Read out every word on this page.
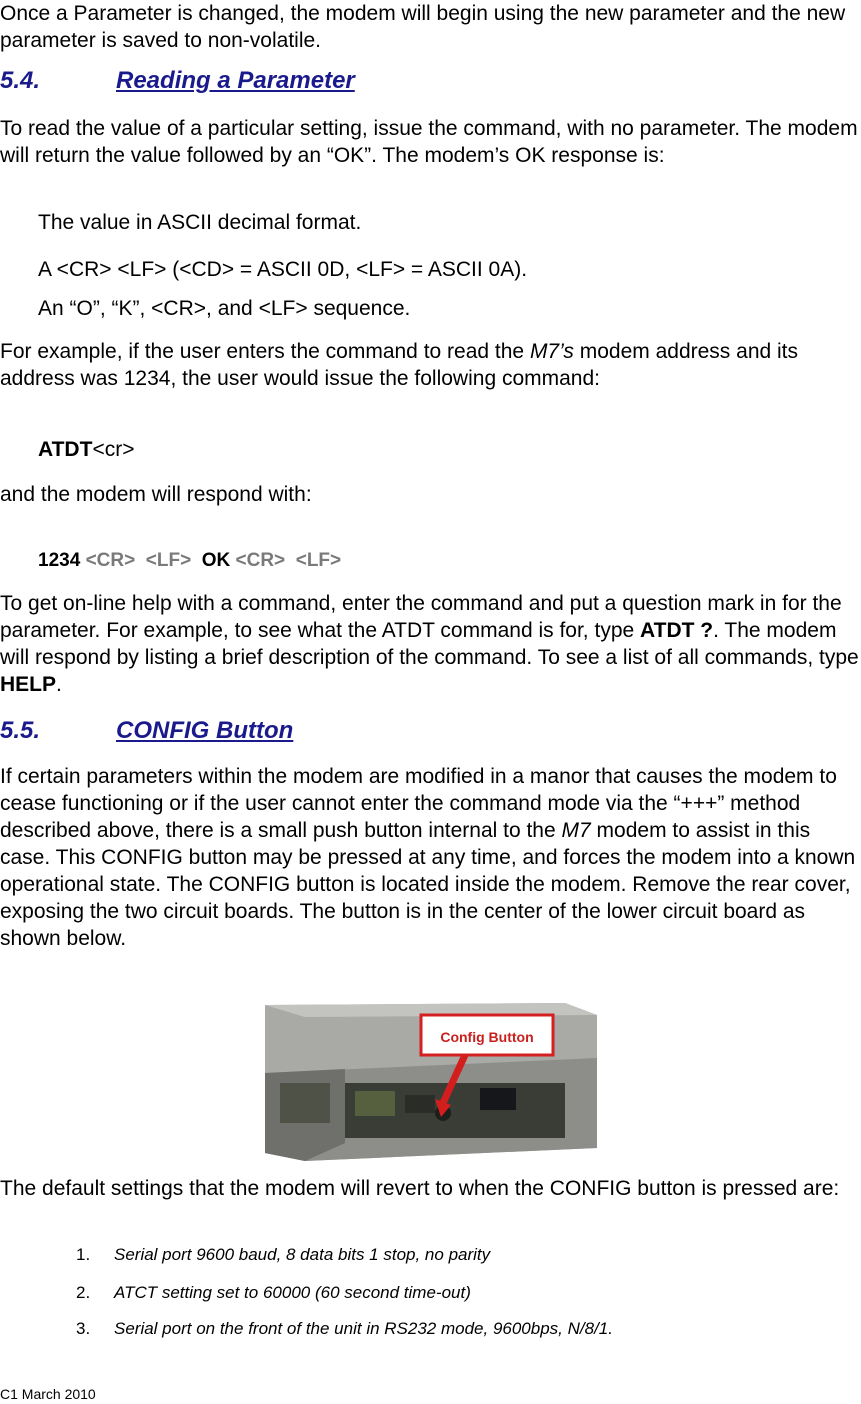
Once a Parameter is changed, the modem will begin using the new parameter and the new parameter is saved to non-volatile.

5.4.	Reading a Parameter

To read the value of a particular setting, issue the command, with no parameter. The modem will return the value followed by an “OK”. The modem’s OK response is:

The value in ASCII decimal format.
A <CR> <LF> (<CD> = ASCII 0D, <LF> = ASCII 0A).
An “O”, “K”, <CR>, and <LF> sequence.

For example, if the user enters the command to read the M7’s modem address and its address was 1234, the user would issue the following command:

ATDT<cr>

and the modem will respond with:

1234 <CR> <LF> OK <CR> <LF>

To get on-line help with a command, enter the command and put a question mark in for the parameter. For example, to see what the ATDT command is for, type ATDT ?. The modem will respond by listing a brief description of the command. To see a list of all commands, type HELP.

5.5.	CONFIG Button

If certain parameters within the modem are modified in a manor that causes the modem to cease functioning or if the user cannot enter the command mode via the “+++” method described above, there is a small push button internal to the M7 modem to assist in this case. This CONFIG button may be pressed at any time, and forces the modem into a known operational state. The CONFIG button is located inside the modem. Remove the rear cover, exposing the two circuit boards. The button is in the center of the lower circuit board as shown below.

Config Button

The default settings that the modem will revert to when the CONFIG button is pressed are:

1. Serial port 9600 baud, 8 data bits 1 stop, no parity
2. ATCT setting set to 60000 (60 second time-out)
3. Serial port on the front of the unit in RS232 mode, 9600bps, N/8/1.
C1 March 2010
